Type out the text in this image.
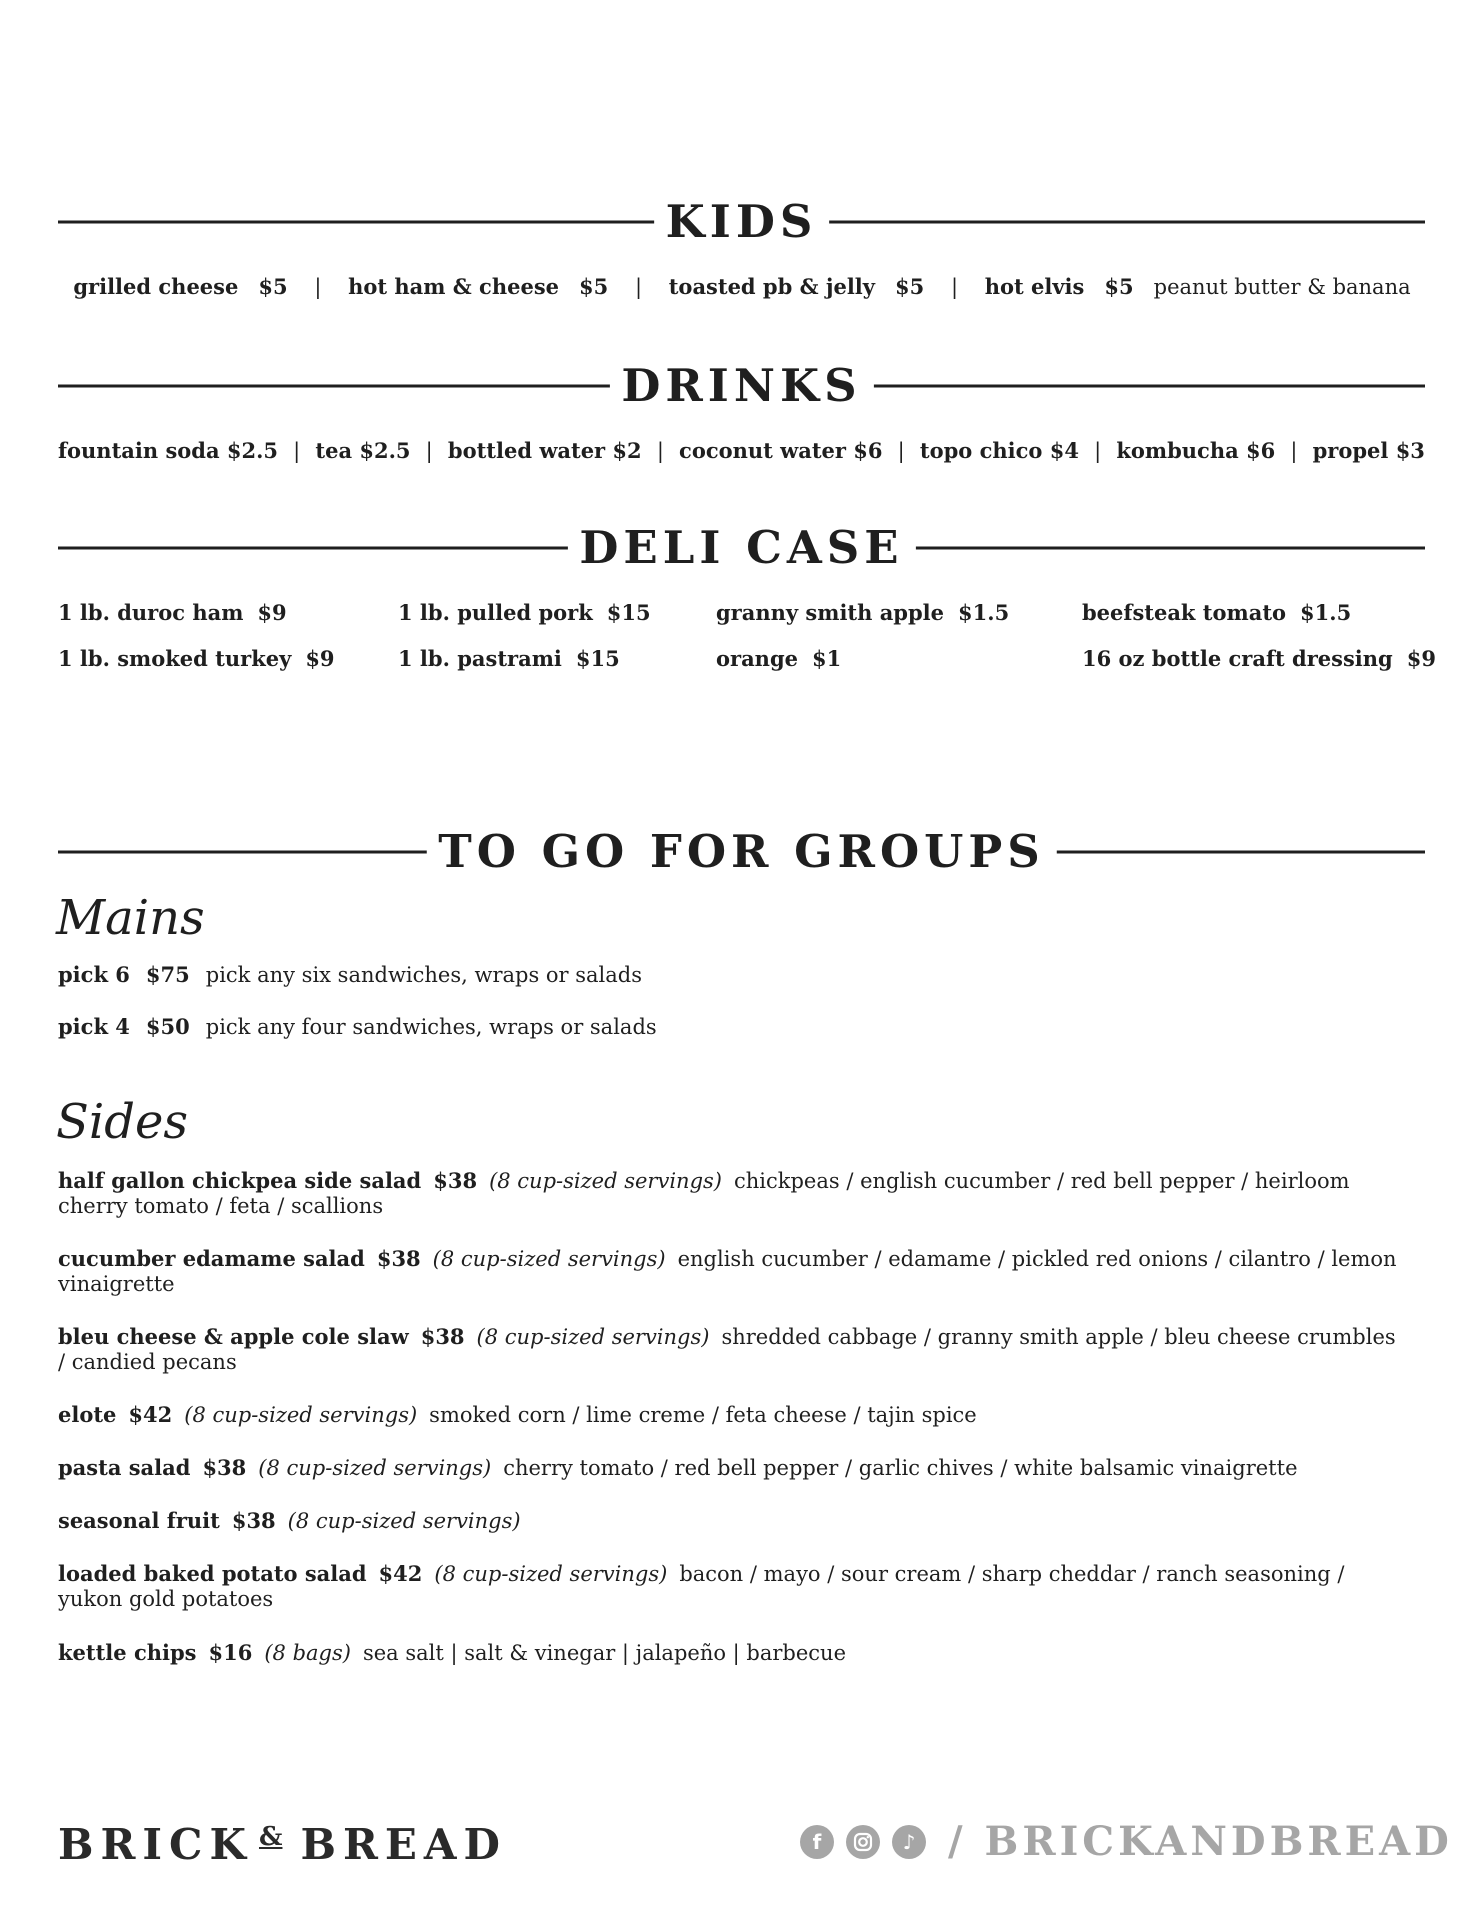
KIDS
grilled cheese $5 | hot ham & cheese $5 | toasted pb & jelly $5 | hot elvis $5 peanut butter & banana
DRINKS
fountain soda $2.5 | tea $2.5 | bottled water $2 | coconut water $6 | topo chico $4 | kombucha $6 | propel $3
DELI CASE
1 lb. duroc ham $9
1 lb. smoked turkey $9
1 lb. pulled pork $15
1 lb. pastrami $15
granny smith apple $1.5
orange $1
beefsteak tomato $1.5
16 oz bottle craft dressing $9
TO GO FOR GROUPS
Mains
pick 6 $75 pick any six sandwiches, wraps or salads
pick 4 $50 pick any four sandwiches, wraps or salads
Sides
half gallon chickpea side salad $38 (8 cup-sized servings) chickpeas / english cucumber / red bell pepper / heirloom cherry tomato / feta / scallions
cucumber edamame salad $38 (8 cup-sized servings) english cucumber / edamame / pickled red onions / cilantro / lemon vinaigrette
bleu cheese & apple cole slaw $38 (8 cup-sized servings) shredded cabbage / granny smith apple / bleu cheese crumbles / candied pecans
elote $42 (8 cup-sized servings) smoked corn / lime creme / feta cheese / tajin spice
pasta salad $38 (8 cup-sized servings) cherry tomato / red bell pepper / garlic chives / white balsamic vinaigrette
seasonal fruit $38 (8 cup-sized servings)
loaded baked potato salad $42 (8 cup-sized servings) bacon / mayo / sour cream / sharp cheddar / ranch seasoning / yukon gold potatoes
kettle chips $16 (8 bags) sea salt | salt & vinegar | jalapeño | barbecue
BRICK & BREAD	f	♪ / BRICKANDBREAD
